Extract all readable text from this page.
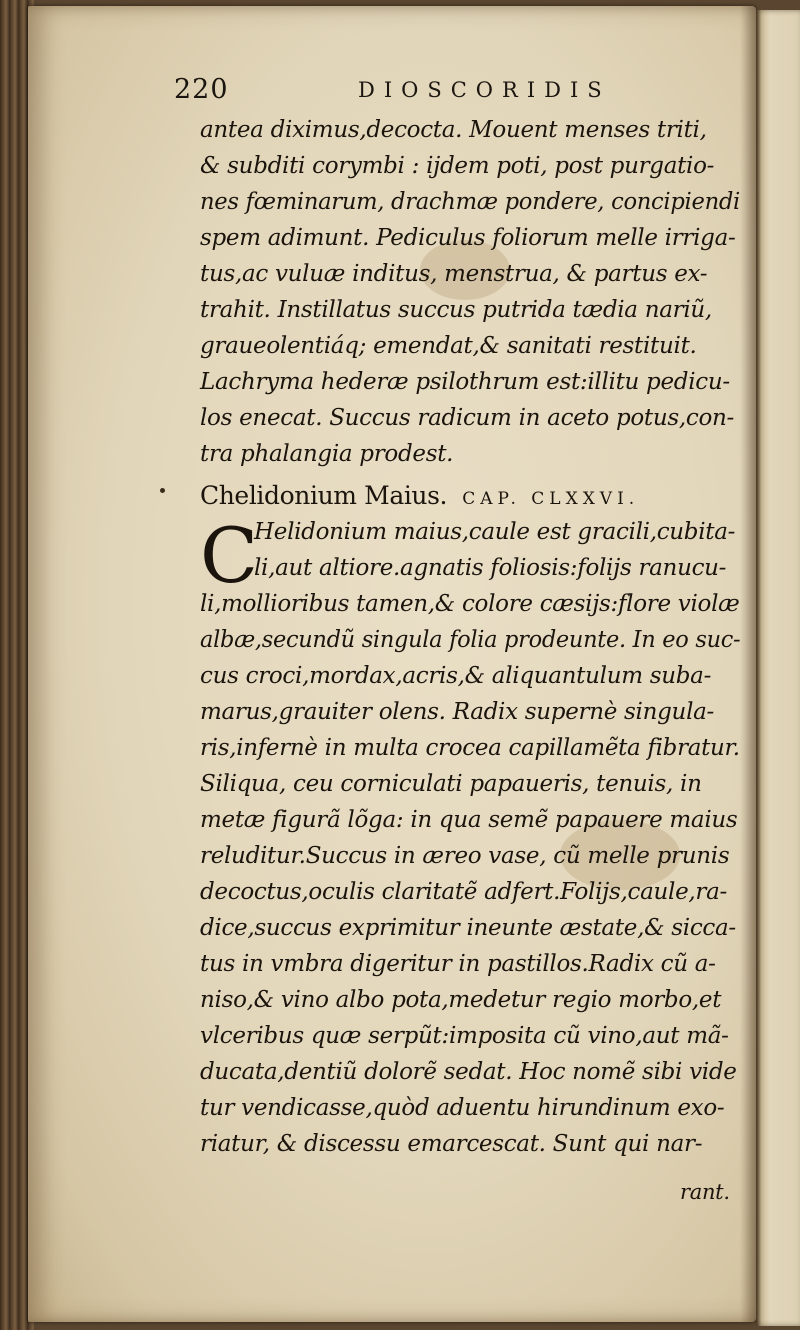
220	DIOSCORIDIS
antea diximus,decocta. Mouent menses triti,
& subditi corymbi : ijdem poti, post purgatio-
nes fœminarum, drachmæ pondere, concipiendi
spem adimunt. Pediculus foliorum melle irriga-
tus,ac vuluæ inditus, menstrua, & partus ex-
trahit. Instillatus succus putrida tædia nariũ,
graueolentiáq; emendat,& sanitati restituit.
Lachryma hederæ psilothrum est:illitu pedicu-
los enecat. Succus radicum in aceto potus,con-
tra phalangia prodest.
Chelidonium Maius. CAP. CLXXVI.
C
Helidonium maius,caule est gracili,cubita-
li,aut altiore.agnatis foliosis:folijs ranucu-
li,mollioribus tamen,& colore cæsijs:flore violæ
albæ,secundũ singula folia prodeunte. In eo suc-
cus croci,mordax,acris,& aliquantulum suba-
marus,grauiter olens. Radix supernè singula-
ris,infernè in multa crocea capillamẽta fibratur.
Siliqua, ceu corniculati papaueris, tenuis, in
metæ figurã lõga: in qua semẽ papauere maius
reluditur.Succus in æreo vase, cũ melle prunis
decoctus,oculis claritatẽ adfert.Folijs,caule,ra-
dice,succus exprimitur ineunte æstate,& sicca-
tus in vmbra digeritur in pastillos.Radix cũ a-
niso,& vino albo pota,medetur regio morbo,et
vlceribus quæ serpũt:imposita cũ vino,aut mã-
ducata,dentiũ dolorẽ sedat. Hoc nomẽ sibi vide
tur vendicasse,quòd aduentu hirundinum exo-
riatur, & discessu emarcescat. Sunt qui nar-
rant.
